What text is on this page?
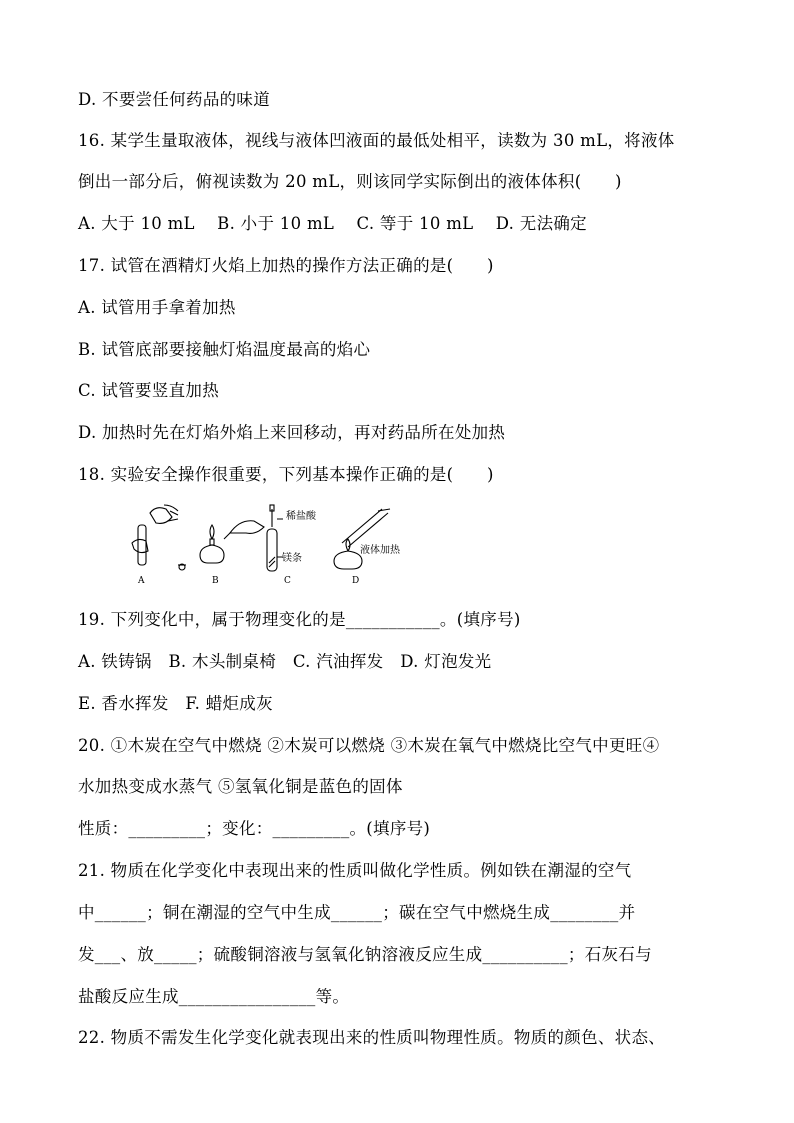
D. 不要尝任何药品的味道
16. 某学生量取液体，视线与液体凹液面的最低处相平，读数为 30 mL，将液体
倒出一部分后，俯视读数为 20 mL，则该同学实际倒出的液体体积(　　)
A. 大于 10 mL　 B. 小于 10 mL　 C. 等于 10 mL　 D. 无法确定
17. 试管在酒精灯火焰上加热的操作方法正确的是(　　)
A. 试管用手拿着加热
B. 试管底部要接触灯焰温度最高的焰心
C. 试管要竖直加热
D. 加热时先在灯焰外焰上来回移动，再对药品所在处加热
18. 实验安全操作很重要，下列基本操作正确的是(　　)
稀盐酸
镁条
液体加热
A	B	C	D
19. 下列变化中，属于物理变化的是___________。(填序号)
A. 铁铸锅　B. 木头制桌椅　C. 汽油挥发　D. 灯泡发光
E. 香水挥发　F. 蜡炬成灰
20. ①木炭在空气中燃烧 ②木炭可以燃烧 ③木炭在氧气中燃烧比空气中更旺④
水加热变成水蒸气 ⑤氢氧化铜是蓝色的固体
性质：_________；变化：_________。(填序号)
21. 物质在化学变化中表现出来的性质叫做化学性质。例如铁在潮湿的空气
中______；铜在潮湿的空气中生成______；碳在空气中燃烧生成________并
发___、放_____；硫酸铜溶液与氢氧化钠溶液反应生成__________；石灰石与
盐酸反应生成________________等。
22. 物质不需发生化学变化就表现出来的性质叫物理性质。物质的颜色、状态、
